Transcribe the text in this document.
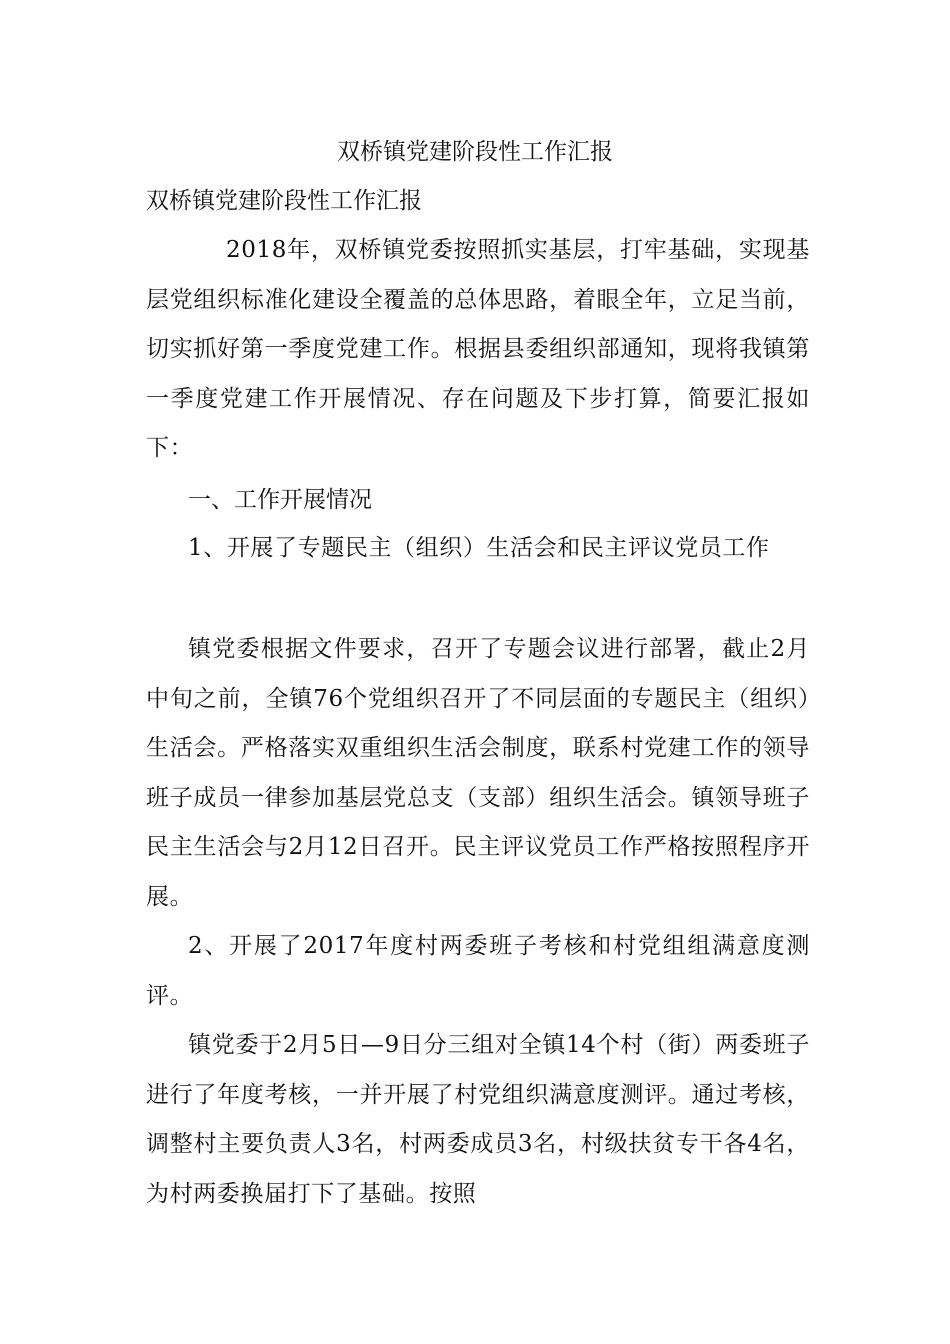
双桥镇党建阶段性工作汇报

双桥镇党建阶段性工作汇报

2018年，双桥镇党委按照抓实基层，打牢基础，实现基层党组织标准化建设全覆盖的总体思路，着眼全年，立足当前，切实抓好第一季度党建工作。根据县委组织部通知，现将我镇第一季度党建工作开展情况、存在问题及下步打算，简要汇报如下：

一、工作开展情况

1、开展了专题民主（组织）生活会和民主评议党员工作

镇党委根据文件要求，召开了专题会议进行部署，截止2月中旬之前，全镇76个党组织召开了不同层面的专题民主（组织）生活会。严格落实双重组织生活会制度，联系村党建工作的领导班子成员一律参加基层党总支（支部）组织生活会。镇领导班子民主生活会与2月12日召开。民主评议党员工作严格按照程序开展。

2、开展了2017年度村两委班子考核和村党组组满意度测评。

镇党委于2月5日—9日分三组对全镇14个村（街）两委班子进行了年度考核，一并开展了村党组织满意度测评。通过考核，调整村主要负责人3名，村两委成员3名，村级扶贫专干各4名，为村两委换届打下了基础。按照
